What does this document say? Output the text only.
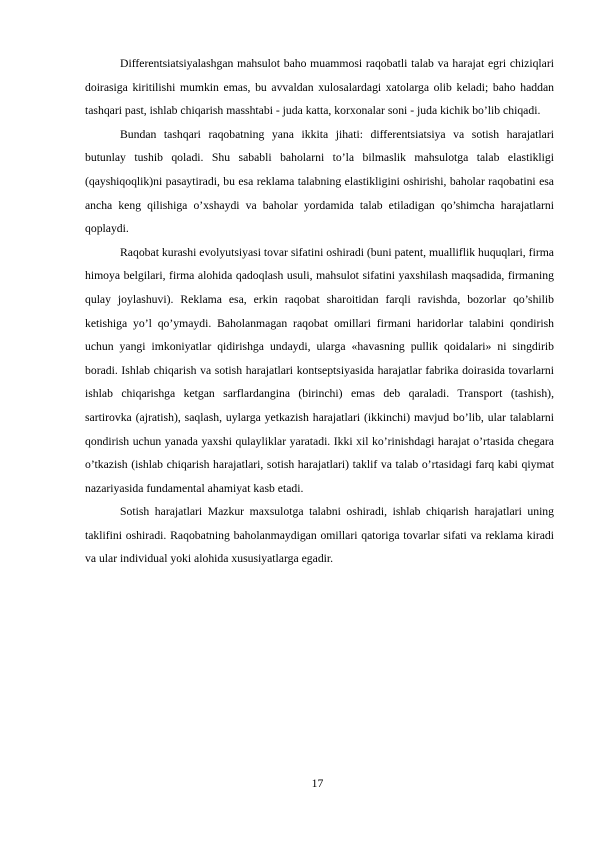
Differentsiatsiyalashgan mahsulot baho muammosi raqobatli talab va harajat egri chiziqlari doirasiga kiritilishi mumkin emas, bu avvaldan xulosalardagi xatolarga olib keladi; baho haddan tashqari past, ishlab chiqarish masshtabi - juda katta, korxonalar soni - juda kichik bo’lib chiqadi.

Bundan tashqari raqobatning yana ikkita jihati: differentsiatsiya va sotish harajatlari butunlay tushib qoladi. Shu sababli baholarni to’la bilmaslik mahsulotga talab elastikligi (qayshiqoqlik)ni pasaytiradi, bu esa reklama talabning elastikligini oshirishi, baholar raqobatini esa ancha keng qilishiga o’xshaydi va baholar yordamida talab etiladigan qo’shimcha harajatlarni qoplaydi.

Raqobat kurashi evolyutsiyasi tovar sifatini oshiradi (buni patent, mualliflik huquqlari, firma himoya belgilari, firma alohida qadoqlash usuli, mahsulot sifatini yaxshilash maqsadida, firmaning qulay joylashuvi). Reklama esa, erkin raqobat sharoitidan farqli ravishda, bozorlar qo’shilib ketishiga yo’l qo’ymaydi. Baholanmagan raqobat omillari firmani haridorlar talabini qondirish uchun yangi imkoniyatlar qidirishga undaydi, ularga «havasning pullik qoidalari» ni singdirib boradi. Ishlab chiqarish va sotish harajatlari kontseptsiyasida harajatlar fabrika doirasida tovarlarni ishlab chiqarishga ketgan sarflardangina (birinchi) emas deb qaraladi. Transport (tashish), sartirovka (ajratish), saqlash, uylarga yetkazish harajatlari (ikkinchi) mavjud bo’lib, ular talablarni qondirish uchun yanada yaxshi qulayliklar yaratadi. Ikki xil ko’rinishdagi harajat o’rtasida chegara o’tkazish (ishlab chiqarish harajatlari, sotish harajatlari) taklif va talab o’rtasidagi farq kabi qiymat nazariyasida fundamental ahamiyat kasb etadi.

Sotish harajatlari Mazkur maxsulotga talabni oshiradi, ishlab chiqarish harajatlari uning taklifini oshiradi. Raqobatning baholanmaydigan omillari qatoriga tovarlar sifati va reklama kiradi va ular individual yoki alohida xususiyatlarga egadir.

17
